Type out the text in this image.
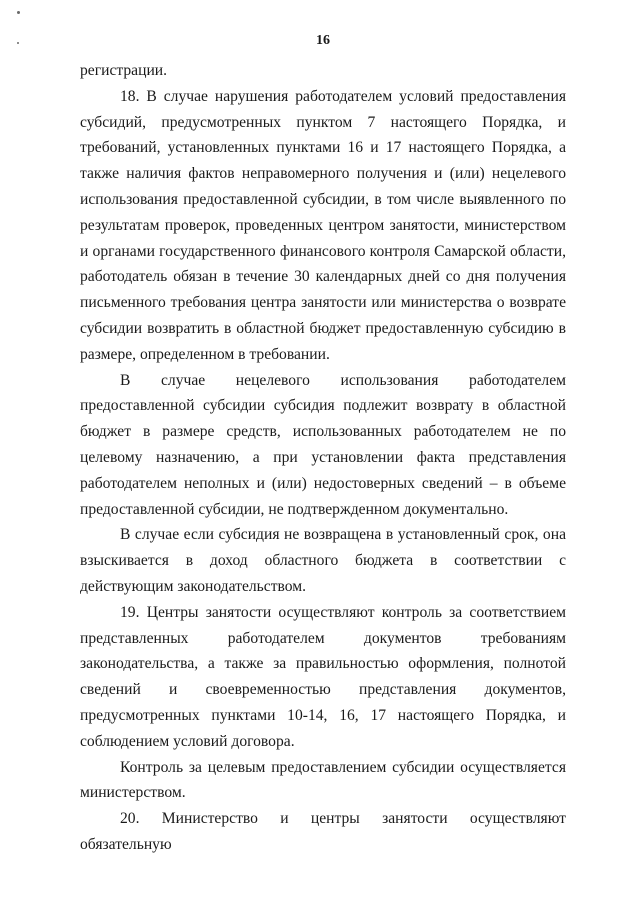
16

регистрации.

18. В случае нарушения работодателем условий предоставления субсидий, предусмотренных пунктом 7 настоящего Порядка, и требований, установленных пунктами 16 и 17 настоящего Порядка, а также наличия фактов неправомерного получения и (или) нецелевого использования предоставленной субсидии, в том числе выявленного по результатам проверок, проведенных центром занятости, министерством и органами государственного финансового контроля Самарской области, работодатель обязан в течение 30 календарных дней со дня получения письменного требования центра занятости или министерства о возврате субсидии возвратить в областной бюджет предоставленную субсидию в размере, определенном в требовании.

В случае нецелевого использования работодателем предоставленной субсидии субсидия подлежит возврату в областной бюджет в размере средств, использованных работодателем не по целевому назначению, а при установлении факта представления работодателем неполных и (или) недостоверных сведений – в объеме предоставленной субсидии, не подтвержденном документально.

В случае если субсидия не возвращена в установленный срок, она взыскивается в доход областного бюджета в соответствии с действующим законодательством.

19. Центры занятости осуществляют контроль за соответствием представленных работодателем документов требованиям законодательства, а также за правильностью оформления, полнотой сведений и своевременностью представления документов, предусмотренных пунктами 10-14, 16, 17 настоящего Порядка, и соблюдением условий договора.

Контроль за целевым предоставлением субсидии осуществляется министерством.

20. Министерство и центры занятости осуществляют обязательную
